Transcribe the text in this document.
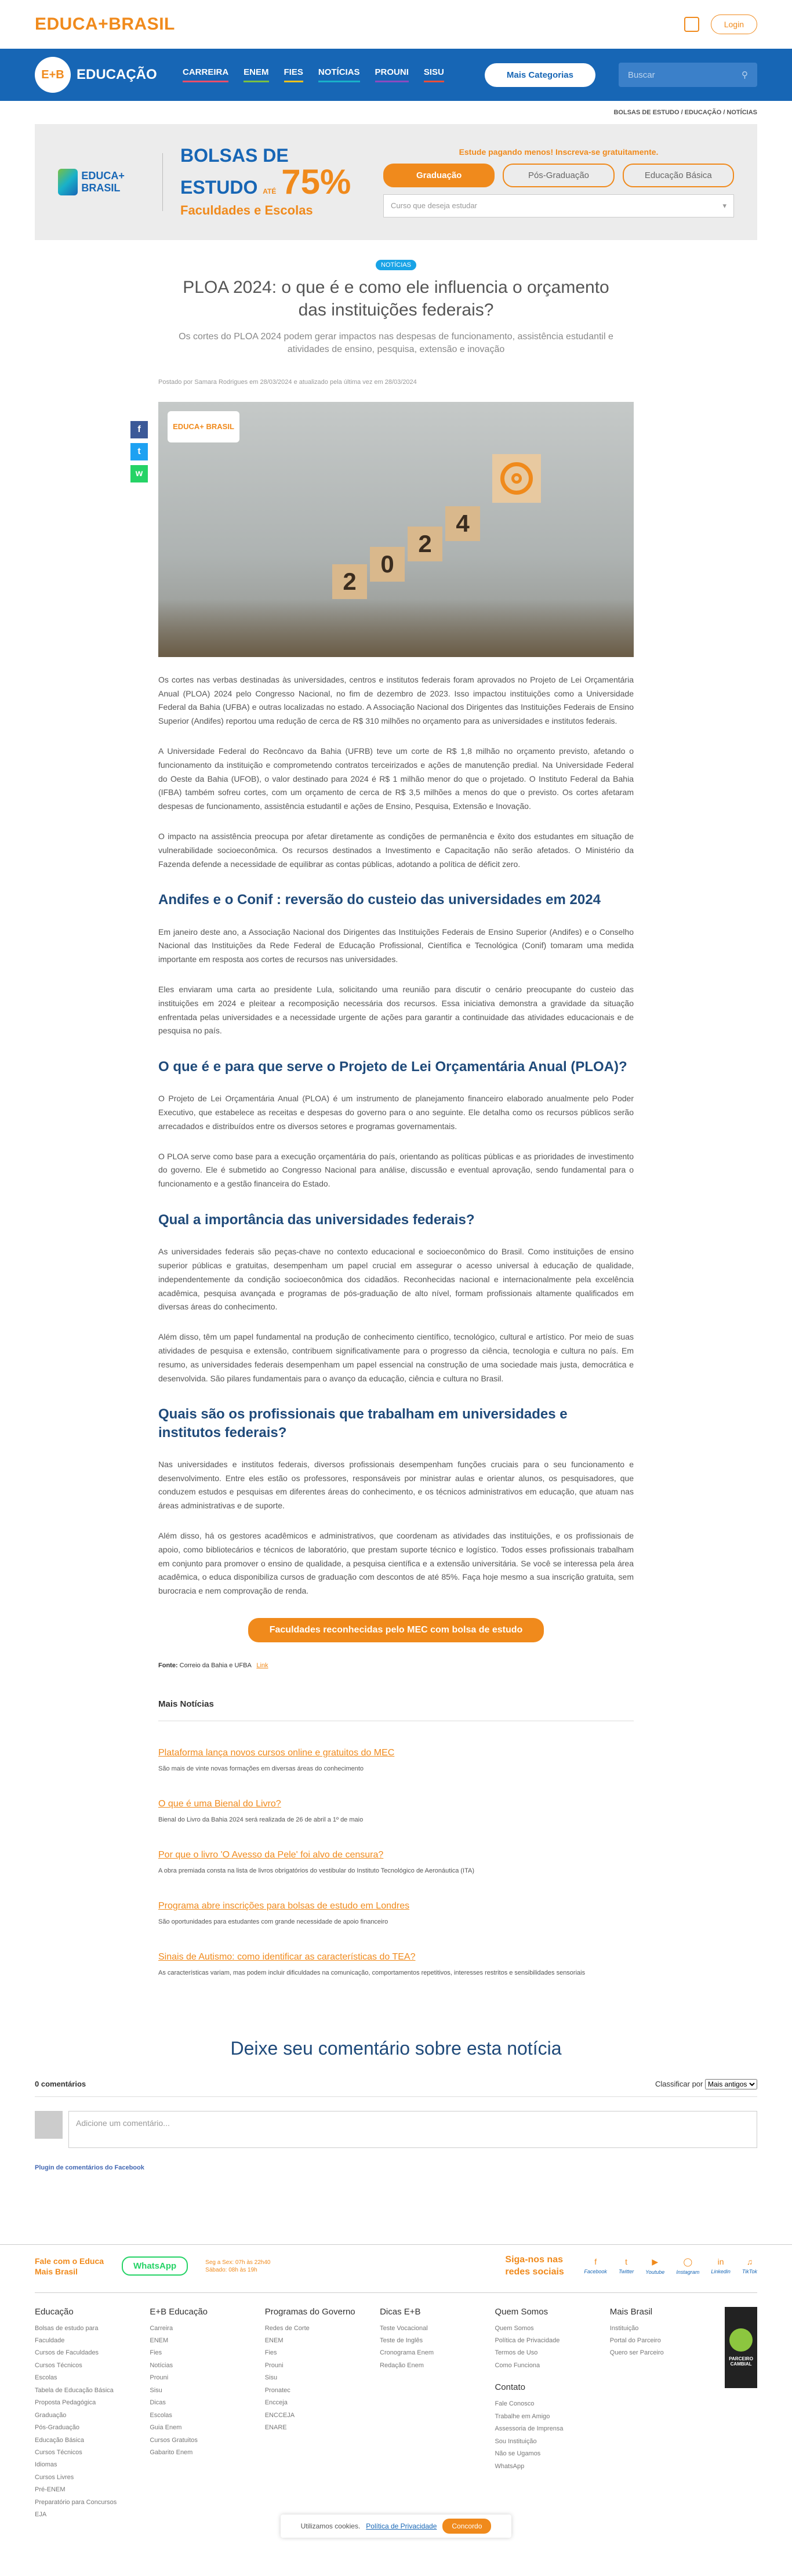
EDUCA+BRASIL	Login
E+B EDUCAÇÃO	CARREIRA ENEM FIES NOTÍCIAS PROUNI SISU	Mais Categorias	Buscar	⚲
BOLSAS DE ESTUDO / EDUCAÇÃO / NOTÍCIAS
EDUCA+ BRASIL
BOLSAS DE ESTUDO ATÉ 75%
Faculdades e Escolas
Estude pagando menos! Inscreva-se gratuitamente.
Graduação	Pós-Graduação	Educação Básica
Curso que deseja estudar	▾
NOTÍCIAS
PLOA 2024: o que é e como ele influencia o orçamento das instituições federais?
Os cortes do PLOA 2024 podem gerar impactos nas despesas de funcionamento, assistência estudantil e atividades de ensino, pesquisa, extensão e inovação
Postado por Samara Rodrigues em 28/03/2024 e atualizado pela última vez em 28/03/2024
f
t
w
EDUCA+ BRASIL
2
0
2
4

Os cortes nas verbas destinadas às universidades, centros e institutos federais foram aprovados no Projeto de Lei Orçamentária Anual (PLOA) 2024 pelo Congresso Nacional, no fim de dezembro de 2023. Isso impactou instituições como a Universidade Federal da Bahia (UFBA) e outras localizadas no estado. A Associação Nacional dos Dirigentes das Instituições Federais de Ensino Superior (Andifes) reportou uma redução de cerca de R$ 310 milhões no orçamento para as universidades e institutos federais.

A Universidade Federal do Recôncavo da Bahia (UFRB) teve um corte de R$ 1,8 milhão no orçamento previsto, afetando o funcionamento da instituição e comprometendo contratos terceirizados e ações de manutenção predial. Na Universidade Federal do Oeste da Bahia (UFOB), o valor destinado para 2024 é R$ 1 milhão menor do que o projetado. O Instituto Federal da Bahia (IFBA) também sofreu cortes, com um orçamento de cerca de R$ 3,5 milhões a menos do que o previsto. Os cortes afetaram despesas de funcionamento, assistência estudantil e ações de Ensino, Pesquisa, Extensão e Inovação.

O impacto na assistência preocupa por afetar diretamente as condições de permanência e êxito dos estudantes em situação de vulnerabilidade socioeconômica. Os recursos destinados a Investimento e Capacitação não serão afetados. O Ministério da Fazenda defende a necessidade de equilibrar as contas públicas, adotando a política de déficit zero.

Andifes e o Conif : reversão do custeio das universidades em 2024

Em janeiro deste ano, a Associação Nacional dos Dirigentes das Instituições Federais de Ensino Superior (Andifes) e o Conselho Nacional das Instituições da Rede Federal de Educação Profissional, Científica e Tecnológica (Conif) tomaram uma medida importante em resposta aos cortes de recursos nas universidades.

Eles enviaram uma carta ao presidente Lula, solicitando uma reunião para discutir o cenário preocupante do custeio das instituições em 2024 e pleitear a recomposição necessária dos recursos. Essa iniciativa demonstra a gravidade da situação enfrentada pelas universidades e a necessidade urgente de ações para garantir a continuidade das atividades educacionais e de pesquisa no país.

O que é e para que serve o Projeto de Lei Orçamentária Anual (PLOA)?

O Projeto de Lei Orçamentária Anual (PLOA) é um instrumento de planejamento financeiro elaborado anualmente pelo Poder Executivo, que estabelece as receitas e despesas do governo para o ano seguinte. Ele detalha como os recursos públicos serão arrecadados e distribuídos entre os diversos setores e programas governamentais.

O PLOA serve como base para a execução orçamentária do país, orientando as políticas públicas e as prioridades de investimento do governo. Ele é submetido ao Congresso Nacional para análise, discussão e eventual aprovação, sendo fundamental para o funcionamento e a gestão financeira do Estado.

Qual a importância das universidades federais?

As universidades federais são peças-chave no contexto educacional e socioeconômico do Brasil. Como instituições de ensino superior públicas e gratuitas, desempenham um papel crucial em assegurar o acesso universal à educação de qualidade, independentemente da condição socioeconômica dos cidadãos. Reconhecidas nacional e internacionalmente pela excelência acadêmica, pesquisa avançada e programas de pós-graduação de alto nível, formam profissionais altamente qualificados em diversas áreas do conhecimento.

Além disso, têm um papel fundamental na produção de conhecimento científico, tecnológico, cultural e artístico. Por meio de suas atividades de pesquisa e extensão, contribuem significativamente para o progresso da ciência, tecnologia e cultura no país. Em resumo, as universidades federais desempenham um papel essencial na construção de uma sociedade mais justa, democrática e desenvolvida. São pilares fundamentais para o avanço da educação, ciência e cultura no Brasil.

Quais são os profissionais que trabalham em universidades e institutos federais?

Nas universidades e institutos federais, diversos profissionais desempenham funções cruciais para o seu funcionamento e desenvolvimento. Entre eles estão os professores, responsáveis por ministrar aulas e orientar alunos, os pesquisadores, que conduzem estudos e pesquisas em diferentes áreas do conhecimento, e os técnicos administrativos em educação, que atuam nas áreas administrativas e de suporte.

Além disso, há os gestores acadêmicos e administrativos, que coordenam as atividades das instituições, e os profissionais de apoio, como bibliotecários e técnicos de laboratório, que prestam suporte técnico e logístico. Todos esses profissionais trabalham em conjunto para promover o ensino de qualidade, a pesquisa científica e a extensão universitária. Se você se interessa pela área acadêmica, o educa disponibiliza cursos de graduação com descontos de até 85%. Faça hoje mesmo a sua inscrição gratuita, sem burocracia e nem comprovação de renda.

Faculdades reconhecidas pelo MEC com bolsa de estudo
Fonte: Correio da Bahia e UFBA Link
Mais Notícias
Plataforma lança novos cursos online e gratuitos do MEC

São mais de vinte novas formações em diversas áreas do conhecimento

O que é uma Bienal do Livro?

Bienal do Livro da Bahia 2024 será realizada de 26 de abril a 1º de maio

Por que o livro 'O Avesso da Pele' foi alvo de censura?

A obra premiada consta na lista de livros obrigatórios do vestibular do Instituto Tecnológico de Aeronáutica (ITA)

Programa abre inscrições para bolsas de estudo em Londres

São oportunidades para estudantes com grande necessidade de apoio financeiro

Sinais de Autismo: como identificar as características do TEA?

As características variam, mas podem incluir dificuldades na comunicação, comportamentos repetitivos, interesses restritos e sensibilidades sensoriais

Deixe seu comentário sobre esta notícia
0 comentários	Classificar por
Mais antigos
Adicione um comentário...
Plugin de comentários do Facebook
Fale com o Educa Mais Brasil
WhatsApp	Seg a Sex: 07h às 22h40 Sábado: 08h às 19h
Siga-nos nas redes sociais
f
Facebook
t
Twitter
▶
Youtube
◯
Instagram
in
Linkedin
♫
TikTok
Educação
Bolsas de estudo para Faculdade
Cursos de Faculdades
Cursos Técnicos
Escolas
Tabela de Educação Básica
Proposta Pedagógica
Graduação
Pós-Graduação
Educação Básica
Cursos Técnicos
Idiomas
Cursos Livres
Pré-ENEM
Preparatório para Concursos
EJA
E+B Educação
Carreira
ENEM
Fies
Notícias
Prouni
Sisu
Dicas
Escolas
Guia Enem
Cursos Gratuitos
Gabarito Enem
Programas do Governo
Redes de Corte
ENEM
Fies
Prouni
Sisu
Pronatec
Encceja
ENCCEJA
ENARE
Dicas E+B
Teste Vocacional
Teste de Inglês
Cronograma Enem
Redação Enem
Quem Somos
Quem Somos
Política de Privacidade
Termos de Uso
Como Funciona
Contato
Fale Conosco
Trabalhe em Amigo
Assessoria de Imprensa
Sou Instituição
Não se Ugamos
WhatsApp
Mais Brasil
Instituição
Portal do Parceiro
Quero ser Parceiro
PARCEIRO CAMBIAL
Utilizamos cookies. Política de Privacidade	Concordo
